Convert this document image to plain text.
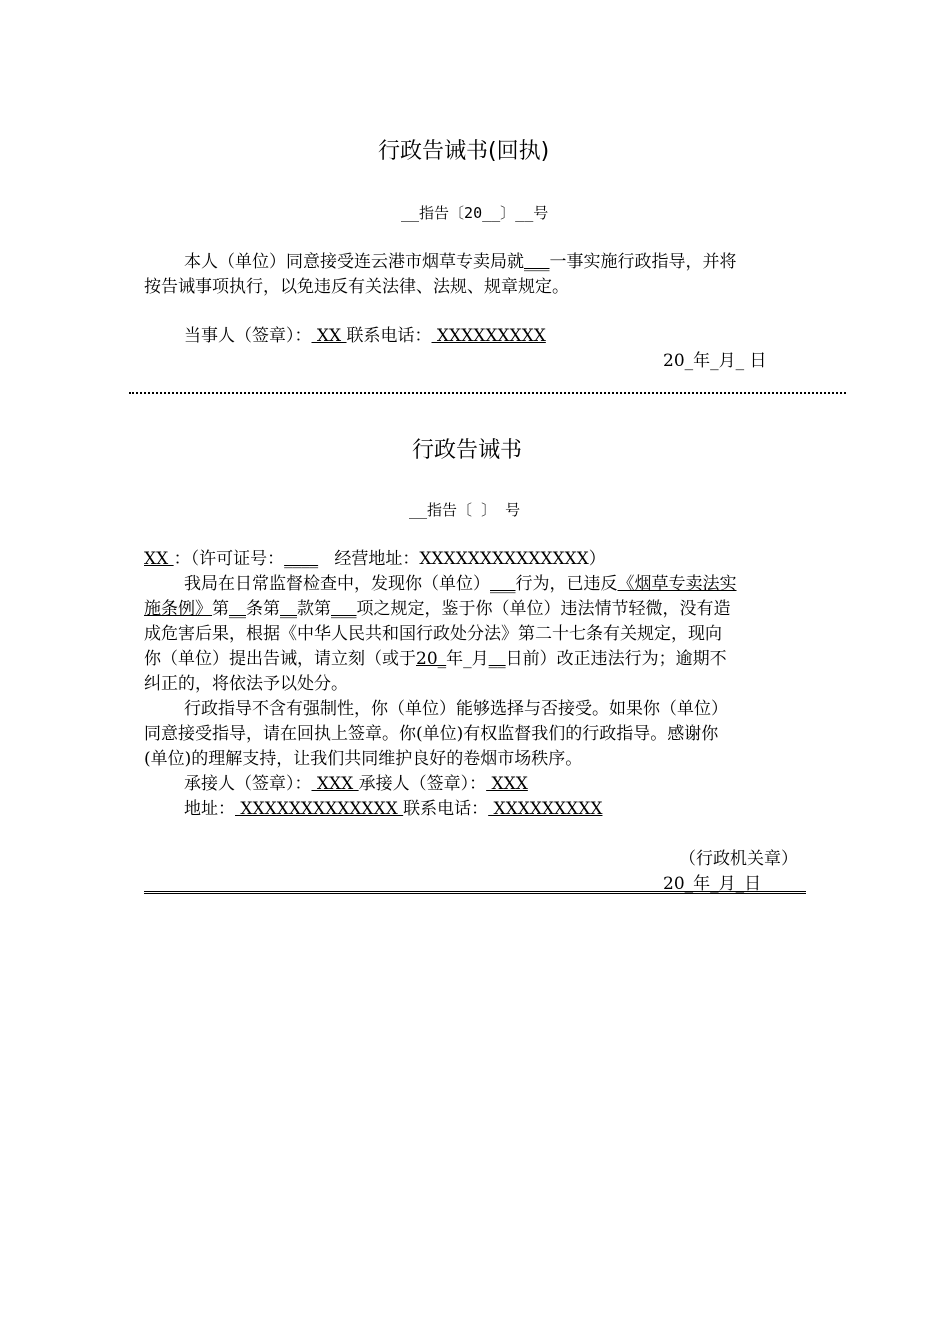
行政告诫书(回执)
__指告〔20__〕__号
本人（单位）同意接受连云港市烟草专卖局就___一事实施行政指导，并将
按告诫事项执行，以免违反有关法律、法规、规章规定。
当事人（签章）： XX 联系电话： XXXXXXXXX
20_年_月_ 日
行政告诫书
__指告〔 〕 号
XX ：（许可证号：____ 经营地址：XXXXXXXXXXXXXX）
我局在日常监督检查中，发现你（单位）___行为，已违反《烟草专卖法实
施条例》第__条第__款第___项之规定，鉴于你（单位）违法情节轻微，没有造
成危害后果，根据《中华人民共和国行政处分法》第二十七条有关规定，现向
你（单位）提出告诫，请立刻（或于20_年_月__日前）改正违法行为；逾期不
纠正的，将依法予以处分。
行政指导不含有强制性，你（单位）能够选择与否接受。如果你（单位）
同意接受指导，请在回执上签章。你(单位)有权监督我们的行政指导。感谢你
(单位)的理解支持，让我们共同维护良好的卷烟市场秩序。
承接人（签章）： XXX 承接人（签章）： XXX
地址： XXXXXXXXXXXXX 联系电话： XXXXXXXXX
（行政机关章）
20_年_月_日
